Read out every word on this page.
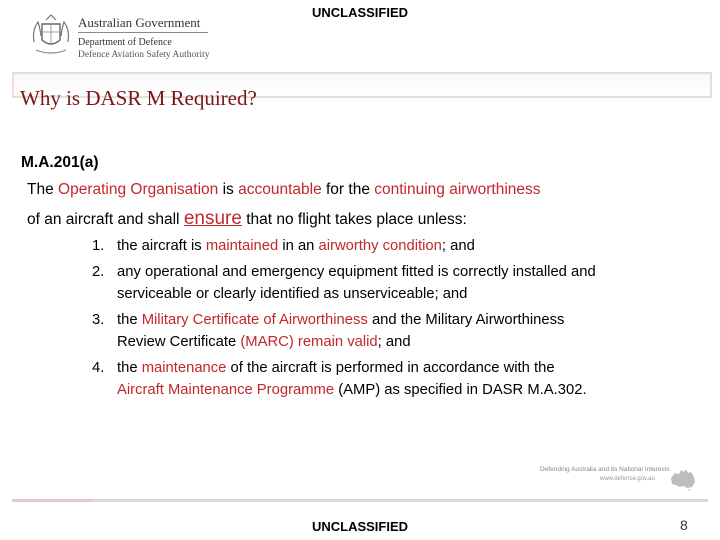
UNCLASSIFIED
Australian Government
Department of Defence
Defence Aviation Safety Authority
Why is DASR M Required?
M.A.201(a)
The Operating Organisation is accountable for the continuing airworthiness
of an aircraft and shall ensure that no flight takes place unless:
1. the aircraft is maintained in an airworthy condition; and
2. any operational and emergency equipment fitted is correctly installed and
serviceable or clearly identified as unserviceable; and
3. the Military Certificate of Airworthiness and the Military Airworthiness
Review Certificate (MARC) remain valid; and
4. the maintenance of the aircraft is performed in accordance with the
Aircraft Maintenance Programme (AMP) as specified in DASR M.A.302.
Defending Australia and its National Interests
www.defence.gov.au
UNCLASSIFIED	8
